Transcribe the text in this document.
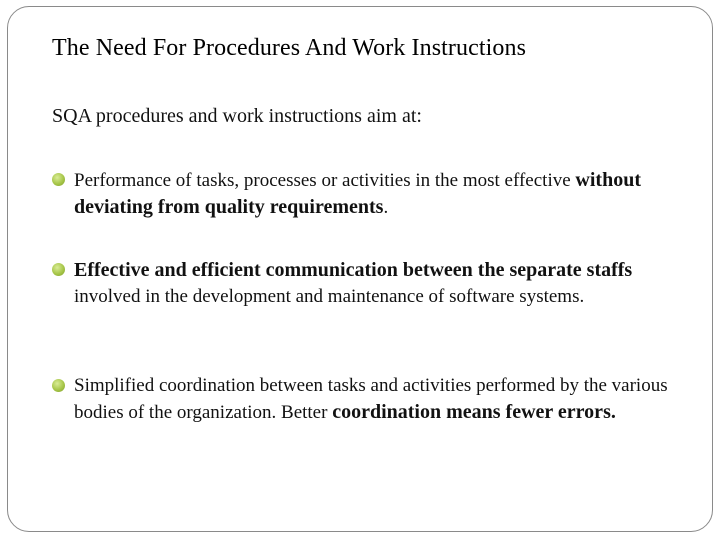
The Need For Procedures And Work Instructions
SQA procedures and work instructions aim at:
Performance of tasks, processes or activities in the most effective without deviating from quality requirements.
Effective and efficient communication between the separate staffs involved in the development and maintenance of software systems.
Simplified coordination between tasks and activities performed by the various bodies of the organization. Better coordination means fewer errors.
